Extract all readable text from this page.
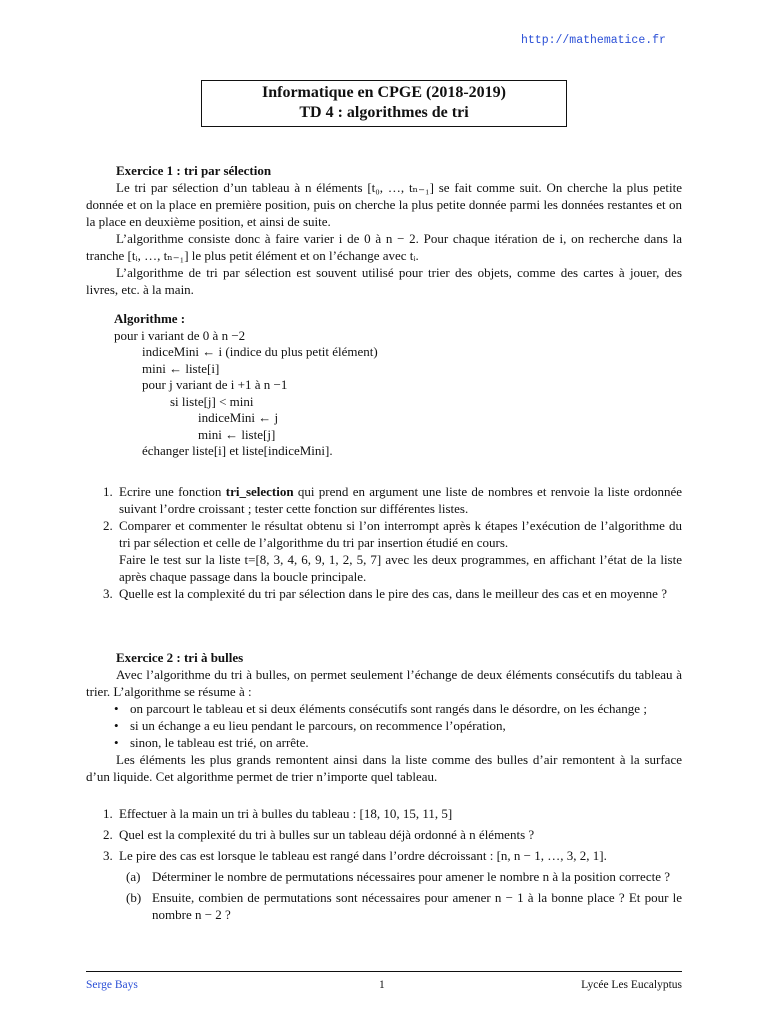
http://mathematice.fr
Informatique en CPGE (2018-2019)
TD 4 : algorithmes de tri
Exercice 1 : tri par sélection
Le tri par sélection d’un tableau à n éléments [t₀, …, tₙ₋₁] se fait comme suit. On cherche la plus petite donnée et on la place en première position, puis on cherche la plus petite donnée parmi les données restantes et on la place en deuxième position, et ainsi de suite.
L’algorithme consiste donc à faire varier i de 0 à n − 2. Pour chaque itération de i, on recherche dans la tranche [tᵢ, …, tₙ₋₁] le plus petit élément et on l’échange avec tᵢ.
L’algorithme de tri par sélection est souvent utilisé pour trier des objets, comme des cartes à jouer, des livres, etc. à la main.
Algorithme :
pour i variant de 0 à n −2
indiceMini ← i (indice du plus petit élément)
mini ← liste[i]
pour j variant de i +1 à n −1
si liste[j] < mini
indiceMini ← j
mini ← liste[j]
échanger liste[i] et liste[indiceMini].
1. Ecrire une fonction tri_selection qui prend en argument une liste de nombres et renvoie la liste ordonnée suivant l’ordre croissant ; tester cette fonction sur différentes listes.
2. Comparer et commenter le résultat obtenu si l’on interrompt après k étapes l’exécution de l’algorithme du tri par sélection et celle de l’algorithme du tri par insertion étudié en cours.
Faire le test sur la liste t=[8, 3, 4, 6, 9, 1, 2, 5, 7] avec les deux programmes, en affichant l’état de la liste après chaque passage dans la boucle principale.
3. Quelle est la complexité du tri par sélection dans le pire des cas, dans le meilleur des cas et en moyenne ?
Exercice 2 : tri à bulles
Avec l’algorithme du tri à bulles, on permet seulement l’échange de deux éléments consécutifs du tableau à trier. L’algorithme se résume à :
• on parcourt le tableau et si deux éléments consécutifs sont rangés dans le désordre, on les échange ;
• si un échange a eu lieu pendant le parcours, on recommence l’opération,
• sinon, le tableau est trié, on arrête.
Les éléments les plus grands remontent ainsi dans la liste comme des bulles d’air remontent à la surface d’un liquide. Cet algorithme permet de trier n’importe quel tableau.
1. Effectuer à la main un tri à bulles du tableau : [18, 10, 15, 11, 5]
2. Quel est la complexité du tri à bulles sur un tableau déjà ordonné à n éléments ?
3. Le pire des cas est lorsque le tableau est rangé dans l’ordre décroissant : [n, n − 1, …, 3, 2, 1].
(a) Déterminer le nombre de permutations nécessaires pour amener le nombre n à la position correcte ?
(b) Ensuite, combien de permutations sont nécessaires pour amener n − 1 à la bonne place ? Et pour le nombre n − 2 ?
Serge Bays	1	Lycée Les Eucalyptus
